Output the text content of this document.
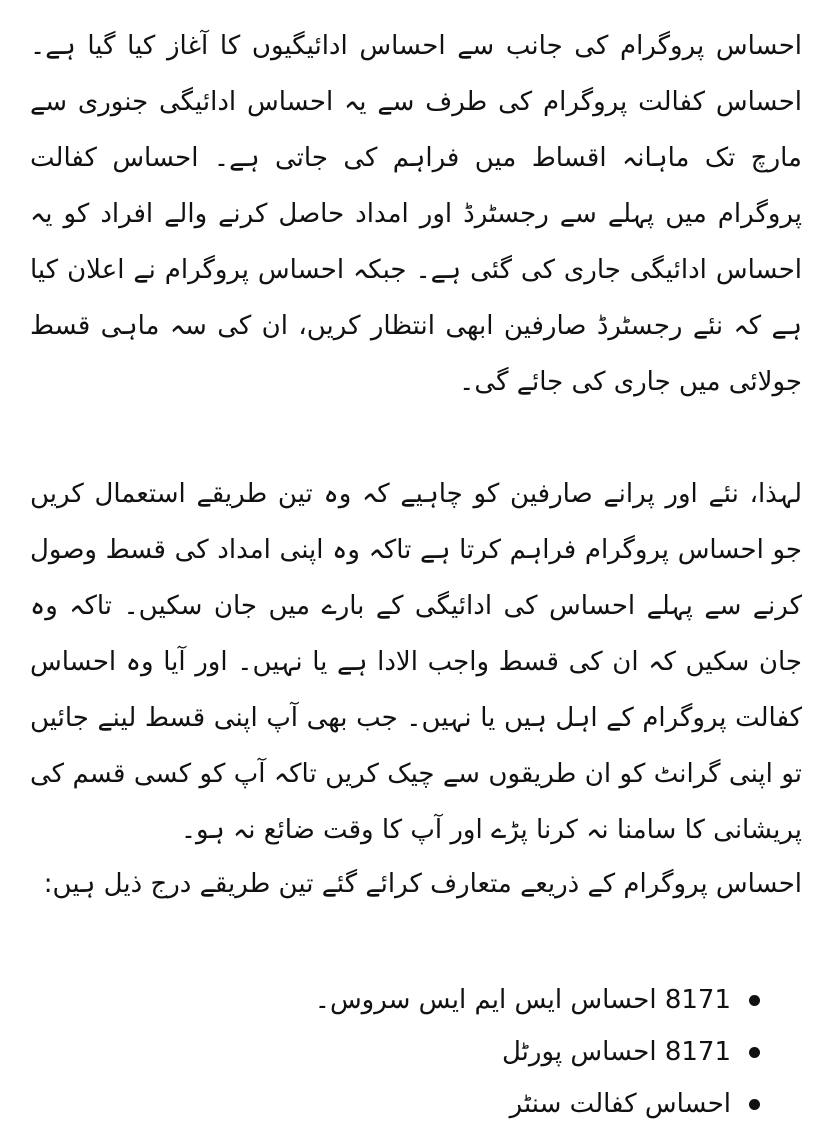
احساس پروگرام کی جانب سے احساس ادائیگیوں کا آغاز کیا گیا ہے۔ احساس کفالت پروگرام کی طرف سے یہ احساس ادائیگی جنوری سے مارچ تک ماہانہ اقساط میں فراہم کی جاتی ہے۔ احساس کفالت پروگرام میں پہلے سے رجسٹرڈ اور امداد حاصل کرنے والے افراد کو یہ احساس ادائیگی جاری کی گئی ہے۔ جبکہ احساس پروگرام نے اعلان کیا ہے کہ نئے رجسٹرڈ صارفین ابھی انتظار کریں، ان کی سہ ماہی قسط جولائی میں جاری کی جائے گی۔

لہذا، نئے اور پرانے صارفین کو چاہیے کہ وہ تین طریقے استعمال کریں جو احساس پروگرام فراہم کرتا ہے تاکہ وہ اپنی امداد کی قسط وصول کرنے سے پہلے احساس کی ادائیگی کے بارے میں جان سکیں۔ تاکہ وہ جان سکیں کہ ان کی قسط واجب الادا ہے یا نہیں۔ اور آیا وہ احساس کفالت پروگرام کے اہل ہیں یا نہیں۔ جب بھی آپ اپنی قسط لینے جائیں تو اپنی گرانٹ کو ان طریقوں سے چیک کریں تاکہ آپ کو کسی قسم کی پریشانی کا سامنا نہ کرنا پڑے اور آپ کا وقت ضائع نہ ہو۔

احساس پروگرام کے ذریعے متعارف کرائے گئے تین طریقے درج ذیل ہیں:

8171 احساس ایس ایم ایس سروس۔
8171 احساس پورٹل
احساس کفالت سنٹر
